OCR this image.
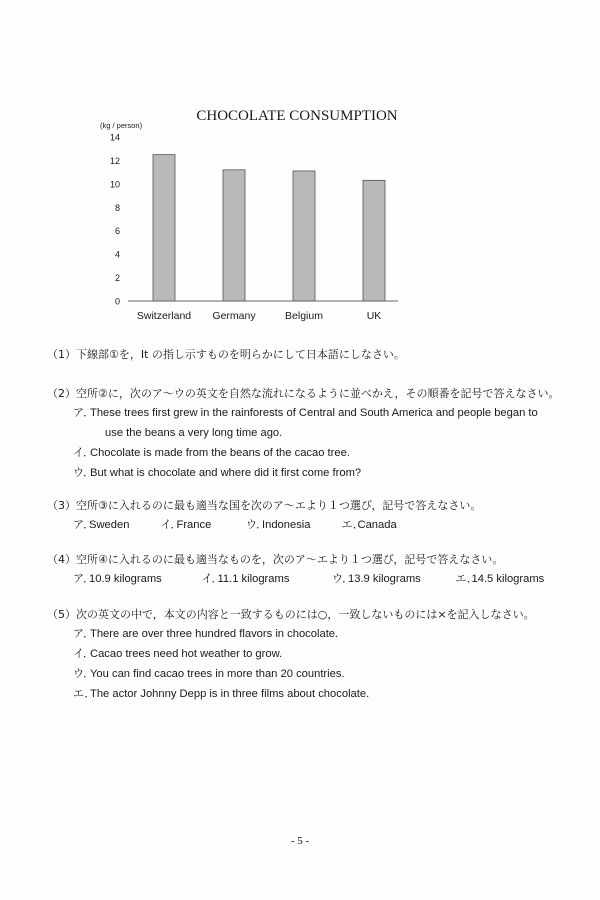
CHOCOLATE CONSUMPTION
(kg / person)
0
2
4
6
8
10
12
14
Switzerland Germany	Belgium	UK
（1）下線部①を，It の指し示すものを明らかにして日本語にしなさい。
（2）空所②に，次のア～ウの英文を自然な流れになるように並べかえ，その順番を記号で答えなさい。
ア．These trees first grew in the rainforests of Central and South America and people began to
use the beans a very long time ago.
イ．Chocolate is made from the beans of the cacao tree.
ウ．But what is chocolate and where did it first come from?
（3）空所③に入れるのに最も適当な国を次のア～エより１つ選び，記号で答えなさい。
ア．Sweden	イ．France	ウ．Indonesia	エ．Canada
（4）空所④に入れるのに最も適当なものを，次のア～エより１つ選び，記号で答えなさい。
ア．10.9 kilograms	イ．11.1 kilograms	ウ．13.9 kilograms	エ．14.5 kilograms
（5）次の英文の中で，本文の内容と一致するものには○，一致しないものには×を記入しなさい。
ア．There are over three hundred flavors in chocolate.
イ．Cacao trees need hot weather to grow.
ウ．You can find cacao trees in more than 20 countries.
エ．The actor Johnny Depp is in three films about chocolate.
- 5 -
